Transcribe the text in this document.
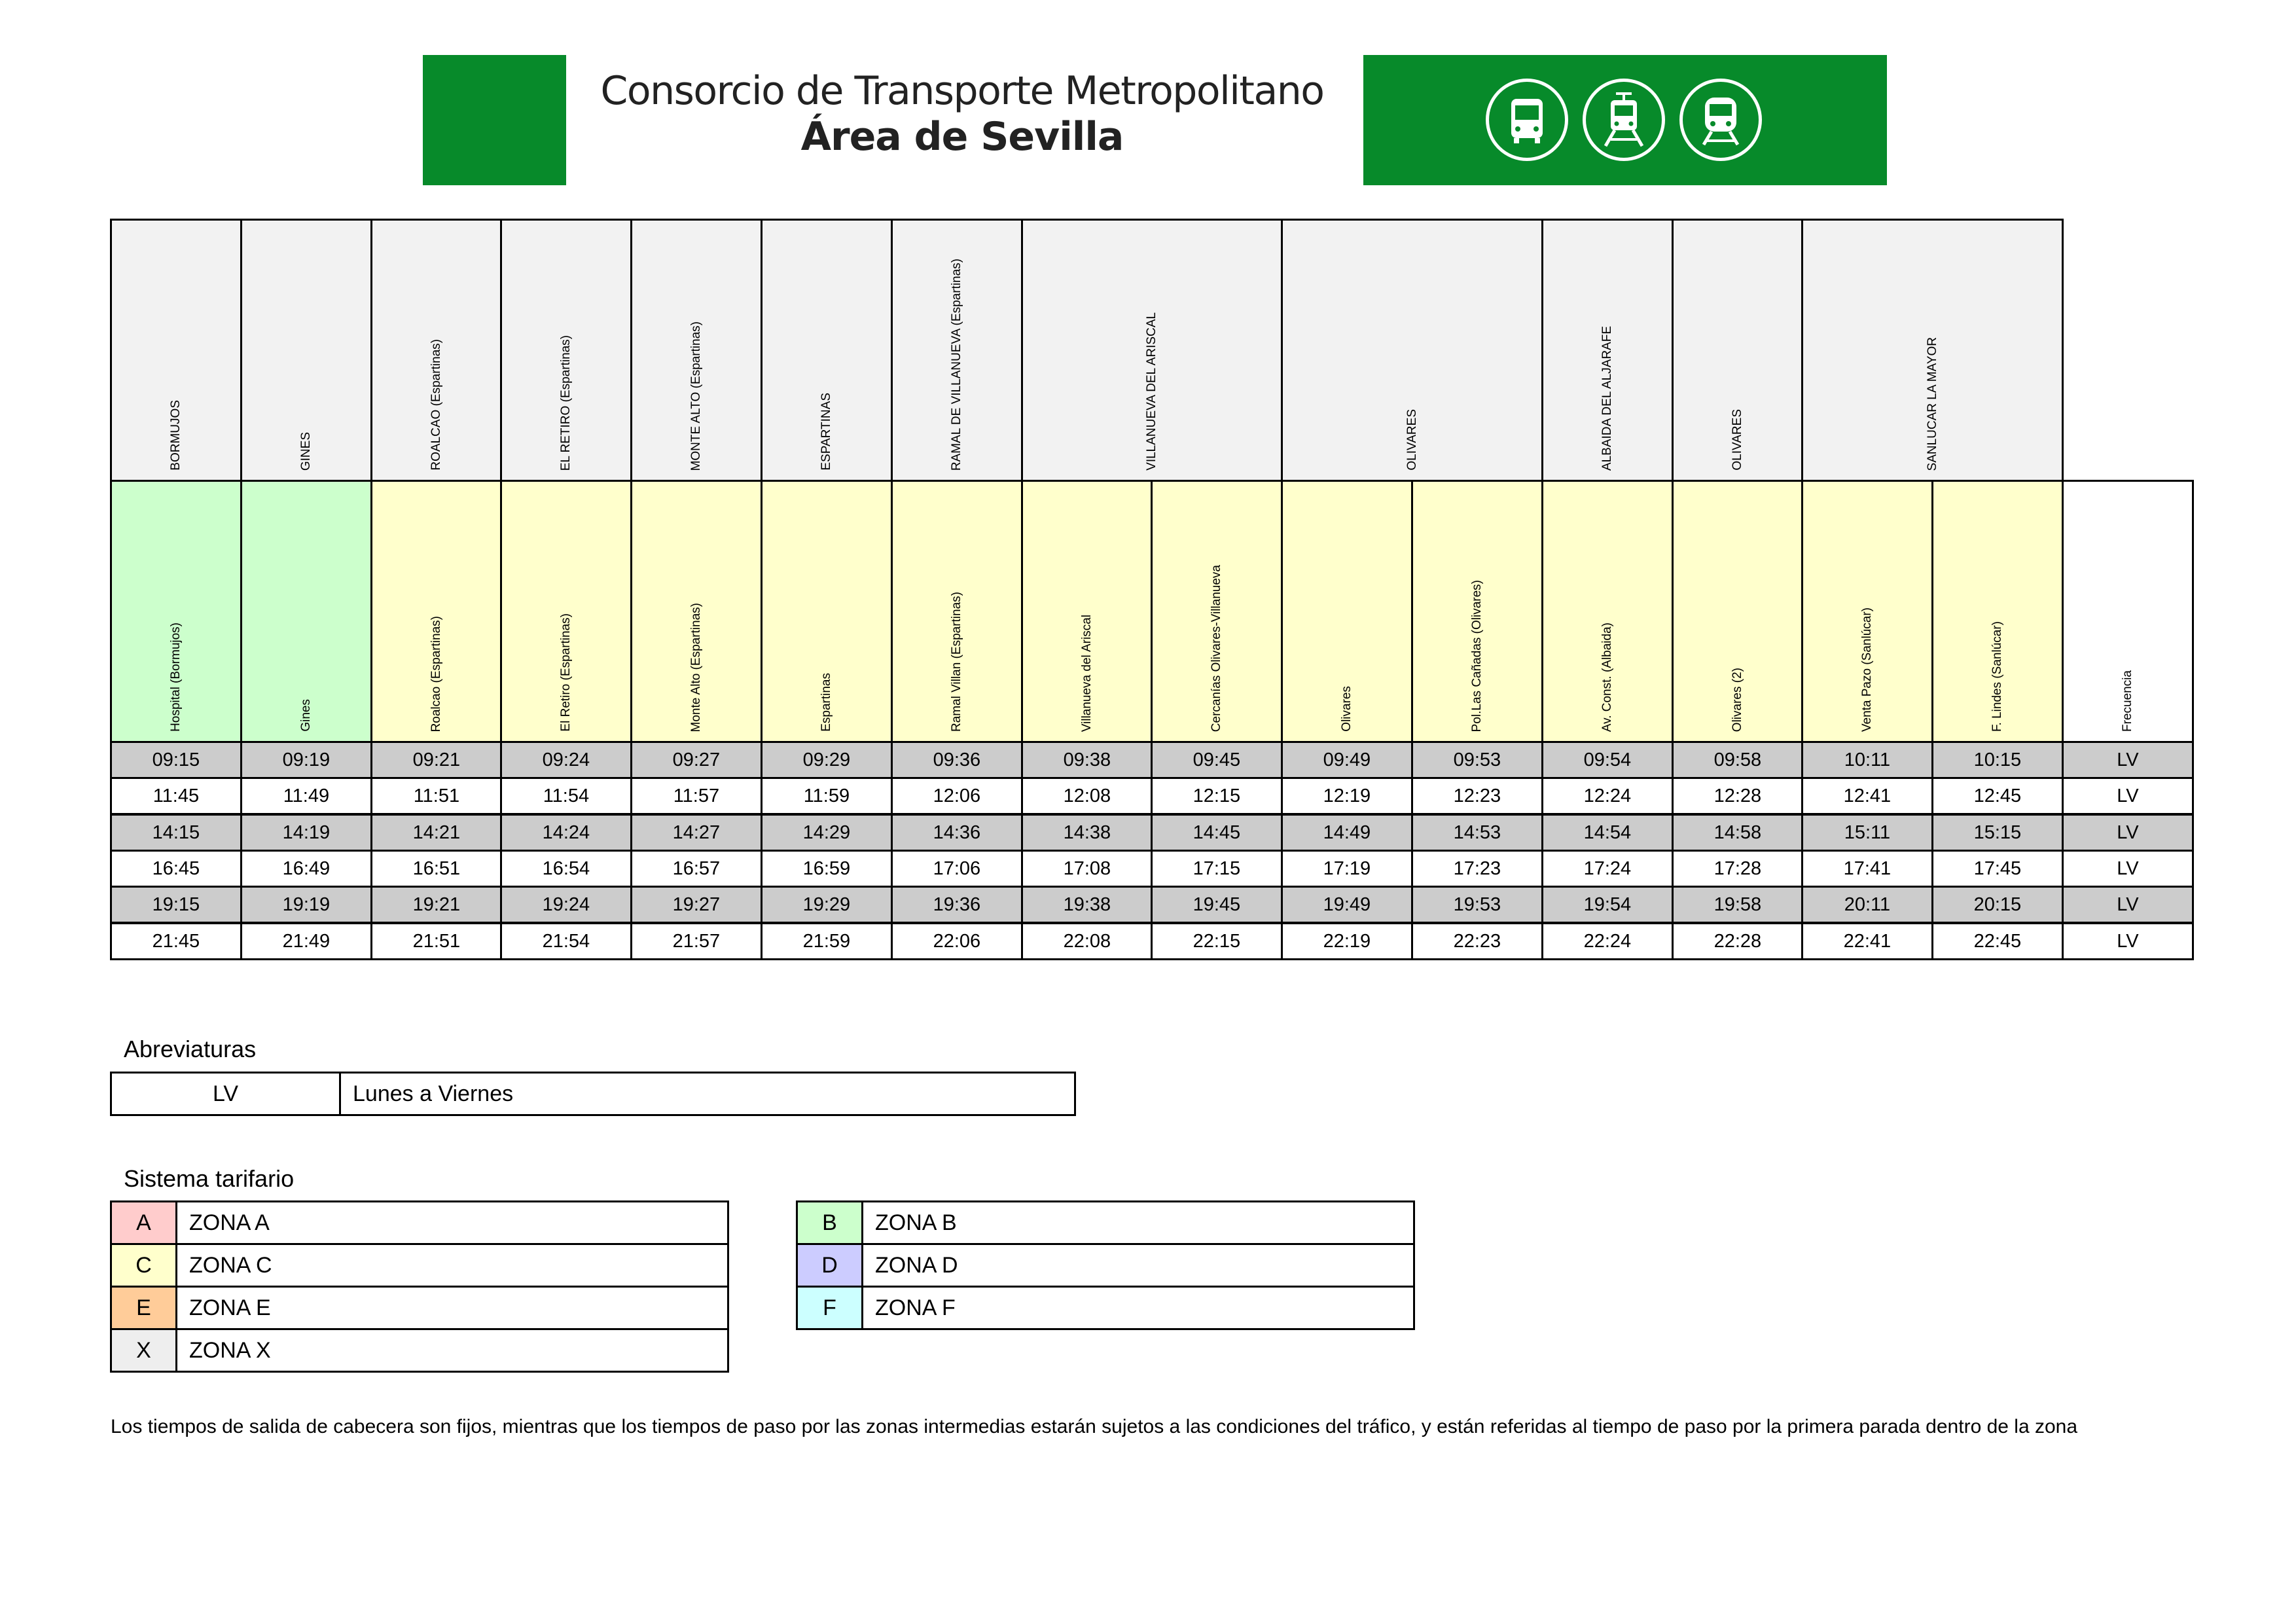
Consorcio de Transporte Metropolitano
Área de Sevilla
BORMUJOS	GINES	ROALCAO (Espartinas)	EL RETIRO (Espartinas)	MONTE ALTO (Espartinas)	ESPARTINAS	RAMAL DE VILLANUEVA (Espartinas)	VILLANUEVA DEL ARISCAL	OLIVARES	ALBAIDA DEL ALJARAFE	OLIVARES	SANLUCAR LA MAYOR
Hospital (Bormujos)	Gines	Roalcao (Espartinas)	El Retiro (Espartinas)	Monte Alto (Espartinas)	Espartinas	Ramal Villan (Espartinas)	Villanueva del Ariscal	Cercanías Olivares-Villanueva	Olivares	Pol.Las Cañadas (Olivares)	Av. Const. (Albaida)	Olivares (2)	Venta Pazo (Sanlúcar)	F. Lindes (Sanlúcar)	Frecuencia
09:15	09:19	09:21	09:24	09:27	09:29	09:36	09:38	09:45	09:49	09:53	09:54	09:58	10:11	10:15	LV
11:45	11:49	11:51	11:54	11:57	11:59	12:06	12:08	12:15	12:19	12:23	12:24	12:28	12:41	12:45	LV
14:15	14:19	14:21	14:24	14:27	14:29	14:36	14:38	14:45	14:49	14:53	14:54	14:58	15:11	15:15	LV
16:45	16:49	16:51	16:54	16:57	16:59	17:06	17:08	17:15	17:19	17:23	17:24	17:28	17:41	17:45	LV
19:15	19:19	19:21	19:24	19:27	19:29	19:36	19:38	19:45	19:49	19:53	19:54	19:58	20:11	20:15	LV
21:45	21:49	21:51	21:54	21:57	21:59	22:06	22:08	22:15	22:19	22:23	22:24	22:28	22:41	22:45	LV
Abreviaturas
LV	Lunes a Viernes
Sistema tarifario
A	ZONA A	B	ZONA B
C	ZONA C	D	ZONA D
E	ZONA E	F	ZONA F
X	ZONA X
Los tiempos de salida de cabecera son fijos, mientras que los tiempos de paso por las zonas intermedias estarán sujetos a las condiciones del tráfico, y están referidas al tiempo de paso por la primera parada dentro de la zona
